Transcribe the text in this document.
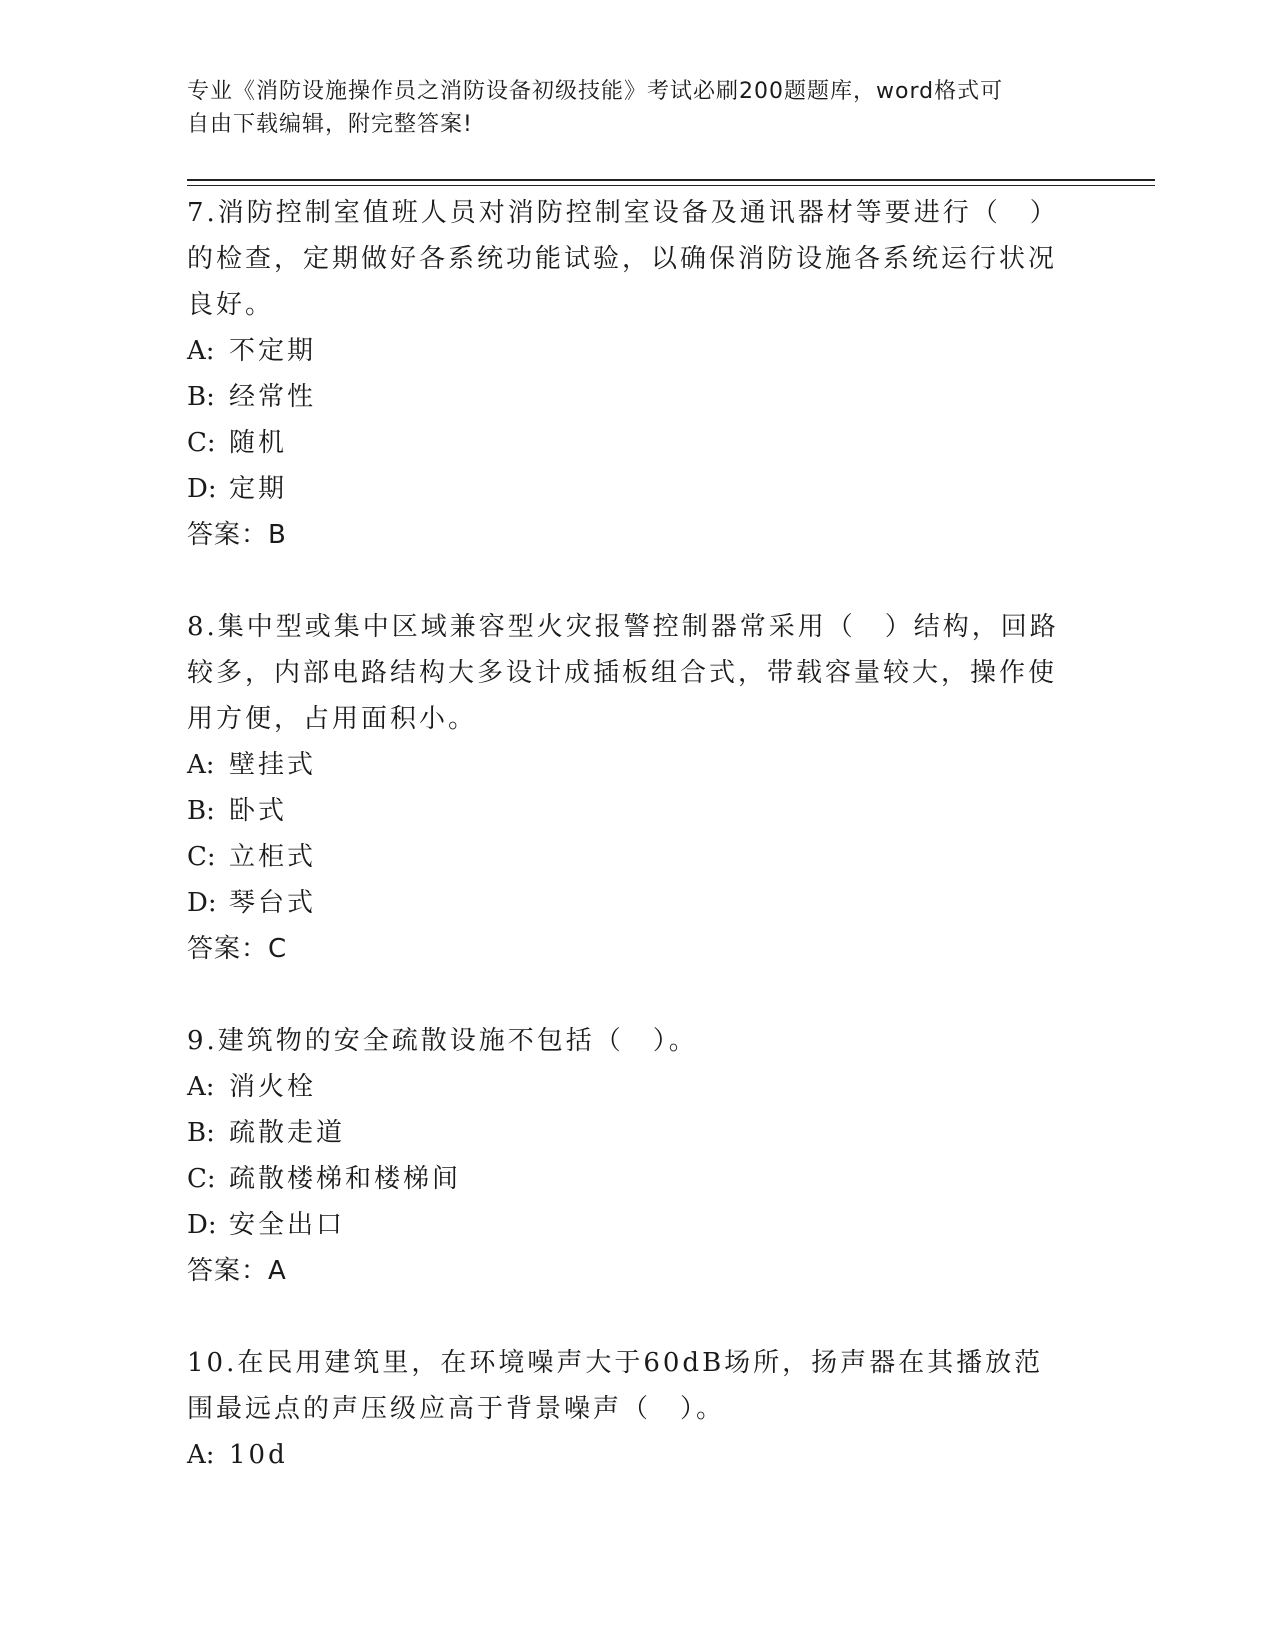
专业《消防设施操作员之消防设备初级技能》考试必刷200题题库，word格式可
自由下载编辑，附完整答案!
7.消防控制室值班人员对消防控制室设备及通讯器材等要进行（　）的检查，定期做好各系统功能试验，以确保消防设施各系统运行状况良好。
A: 不定期
B: 经常性
C: 随机
D: 定期
答案：B
8.集中型或集中区域兼容型火灾报警控制器常采用（　）结构，回路较多，内部电路结构大多设计成插板组合式，带载容量较大，操作使用方便，占用面积小。
A: 壁挂式
B: 卧式
C: 立柜式
D: 琴台式
答案：C
9.建筑物的安全疏散设施不包括（　）。
A: 消火栓
B: 疏散走道
C: 疏散楼梯和楼梯间
D: 安全出口
答案：A
10.在民用建筑里，在环境噪声大于60dB场所，扬声器在其播放范围最远点的声压级应高于背景噪声（　）。
A: 10d
